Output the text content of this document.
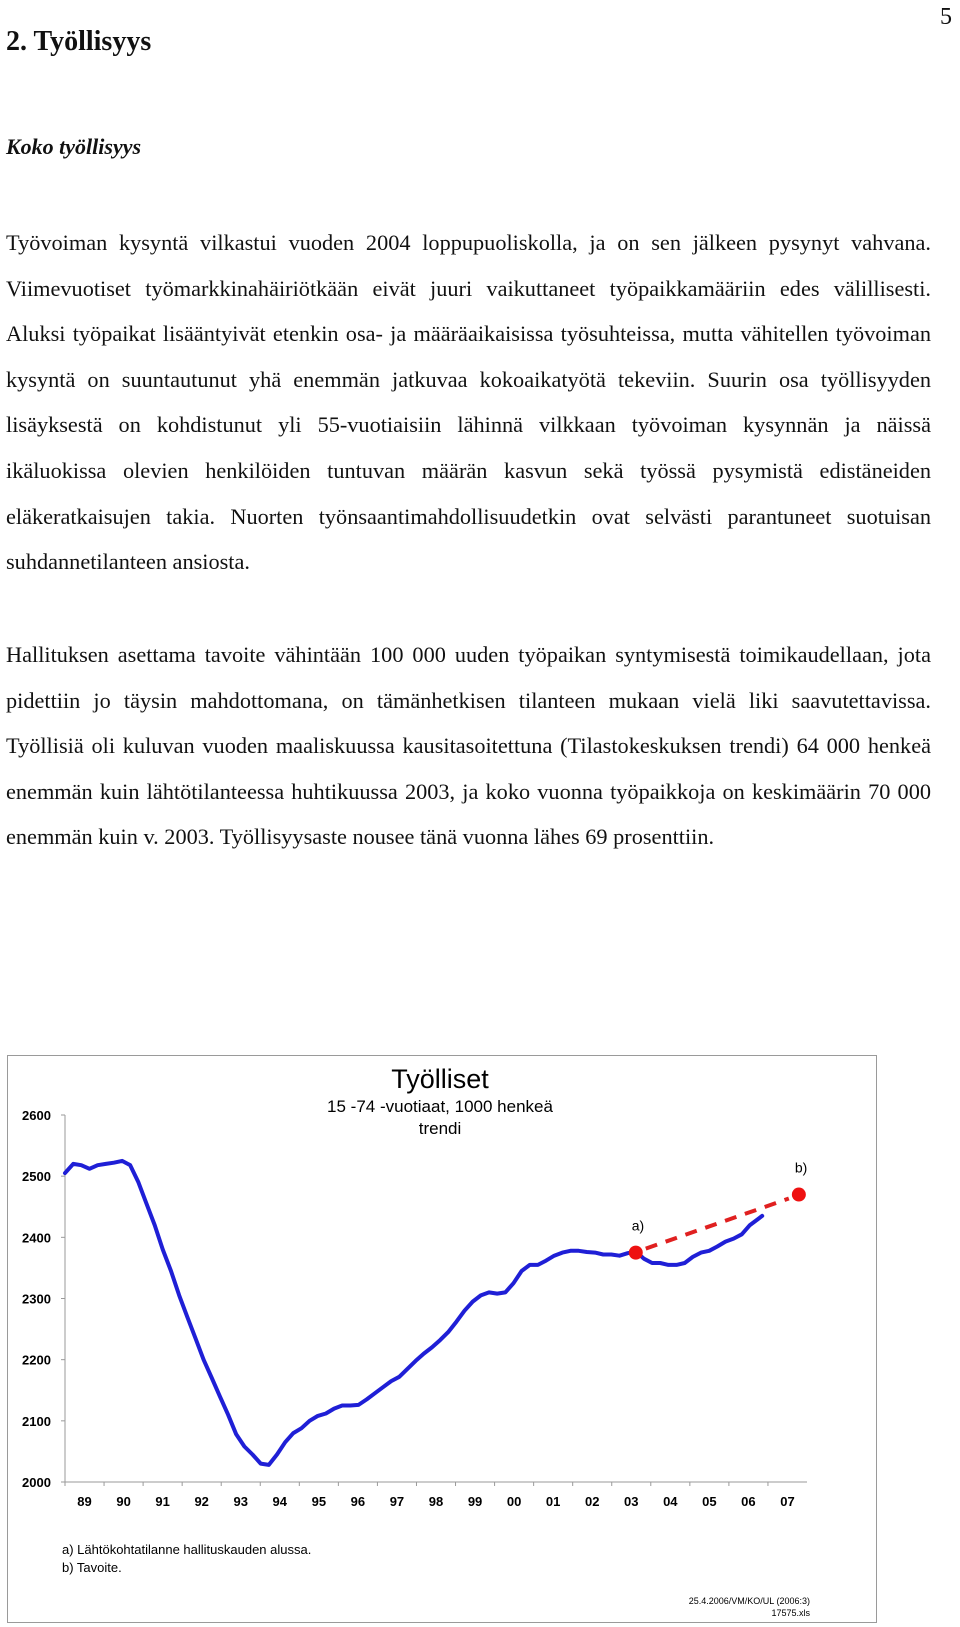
5
2. Työllisyys
Koko työllisyys

Työvoiman kysyntä vilkastui vuoden 2004 loppupuoliskolla, ja on sen jälkeen pysynyt vahvana. Viimevuotiset työmarkkinahäiriötkään eivät juuri vaikuttaneet työpaikkamääriin edes välillisesti. Aluksi työpaikat lisääntyivät etenkin osa- ja määräaikaisissa työsuhteissa, mutta vähitellen työvoiman kysyntä on suuntautunut yhä enemmän jatkuvaa kokoaikatyötä tekeviin. Suurin osa työllisyyden lisäyksestä on kohdistunut yli 55-vuotiaisiin lähinnä vilkkaan työvoiman kysynnän ja näissä ikäluokissa olevien henkilöiden tuntuvan määrän kasvun sekä työssä pysymistä edistäneiden eläkeratkaisujen takia. Nuorten työnsaantimahdollisuudetkin ovat selvästi parantuneet suotuisan suhdannetilanteen ansiosta.

Hallituksen asettama tavoite vähintään 100 000 uuden työpaikan syntymisestä toimikaudellaan, jota pidettiin jo täysin mahdottomana, on tämänhetkisen tilanteen mukaan vielä liki saavutettavissa. Työllisiä oli kuluvan vuoden maaliskuussa kausitasoitettuna (Tilastokeskuksen trendi) 64 000 henkeä enemmän kuin lähtötilanteessa huhtikuussa 2003, ja koko vuonna työpaikkoja on keskimäärin 70 000 enemmän kuin v. 2003. Työllisyysaste nousee tänä vuonna lähes 69 prosenttiin.

Työlliset
15 -74 -vuotiaat, 1000 henkeä
trendi
2600
2500
2400
2300
2200
2100
2000
89 90 91 92 93 94 95 96 97 98 99 00 01 02 03 04 05 06 07
a)
b)
a) Lähtökohtatilanne hallituskauden alussa.
b) Tavoite.
25.4.2006/VM/KO/UL (2006:3)
17575.xls
